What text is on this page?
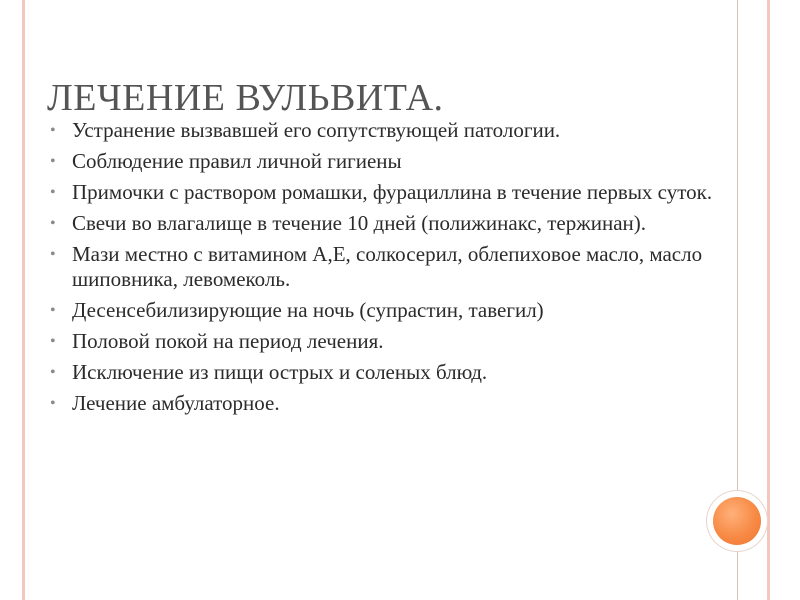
ЛЕЧЕНИЕ ВУЛЬВИТА.
• Устранение вызвавшей его сопутствующей патологии.
• Соблюдение правил личной гигиены
• Примочки с раствором ромашки, фурациллина в течение первых суток.
• Свечи во влагалище в течение 10 дней (полижинакс, тержинан).
• Мази местно с витамином А,Е, солкосерил, облепиховое масло, масло шиповника, левомеколь.
• Десенсебилизирующие на ночь (супрастин, тавегил)
• Половой покой на период лечения.
• Исключение из пищи острых и соленых блюд.
• Лечение амбулаторное.
